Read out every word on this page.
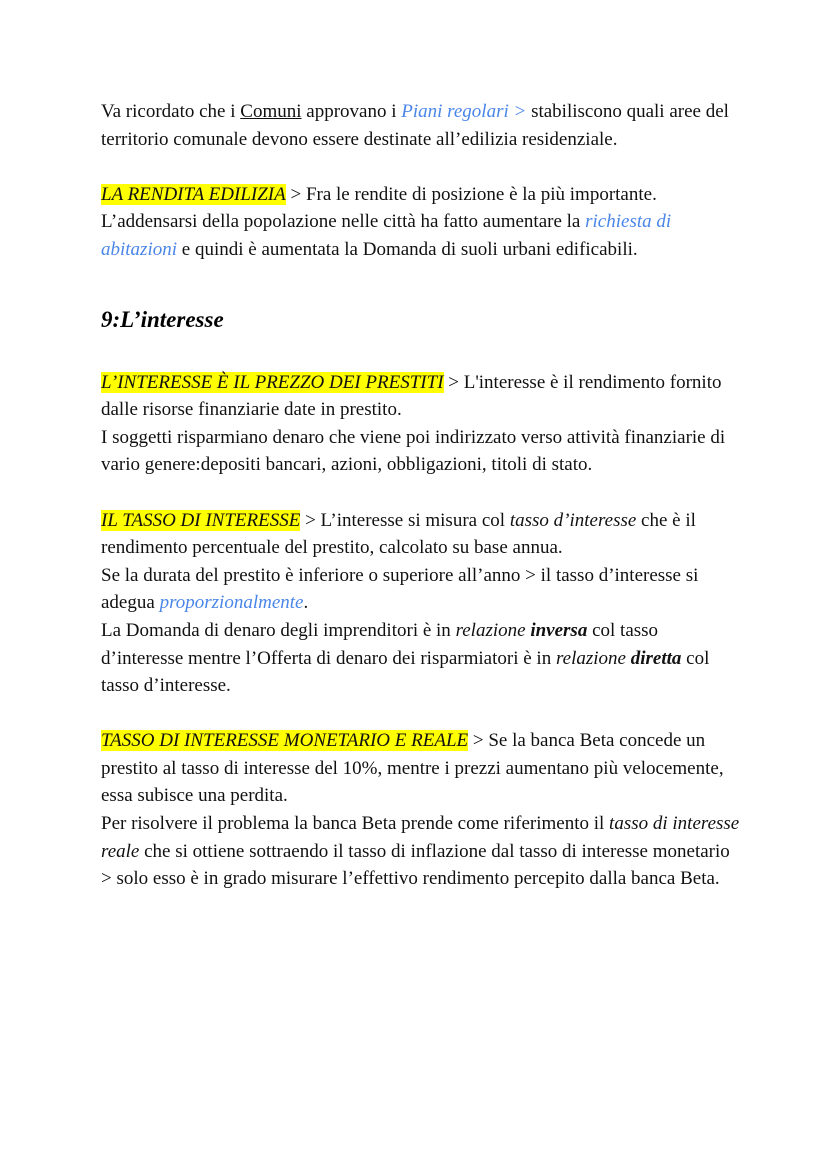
Va ricordato che i Comuni approvano i Piani regolari > stabiliscono quali aree del territorio comunale devono essere destinate all’edilizia residenziale.

LA RENDITA EDILIZIA > Fra le rendite di posizione è la più importante.
L’addensarsi della popolazione nelle città ha fatto aumentare la richiesta di abitazioni e quindi è aumentata la Domanda di suoli urbani edificabili.

9:L’interesse

L’INTERESSE È IL PREZZO DEI PRESTITI > L'interesse è il rendimento fornito dalle risorse finanziarie date in prestito.
I soggetti risparmiano denaro che viene poi indirizzato verso attività finanziarie di vario genere:depositi bancari, azioni, obbligazioni, titoli di stato.

IL TASSO DI INTERESSE > L’interesse si misura col tasso d’interesse che è il rendimento percentuale del prestito, calcolato su base annua.
Se la durata del prestito è inferiore o superiore all’anno > il tasso d’interesse si adegua proporzionalmente.
La Domanda di denaro degli imprenditori è in relazione inversa col tasso d’interesse mentre l’Offerta di denaro dei risparmiatori è in relazione diretta col tasso d’interesse.

TASSO DI INTERESSE MONETARIO E REALE > Se la banca Beta concede un prestito al tasso di interesse del 10%, mentre i prezzi aumentano più velocemente, essa subisce una perdita.
Per risolvere il problema la banca Beta prende come riferimento il tasso di interesse reale che si ottiene sottraendo il tasso di inflazione dal tasso di interesse monetario > solo esso è in grado misurare l’effettivo rendimento percepito dalla banca Beta.
